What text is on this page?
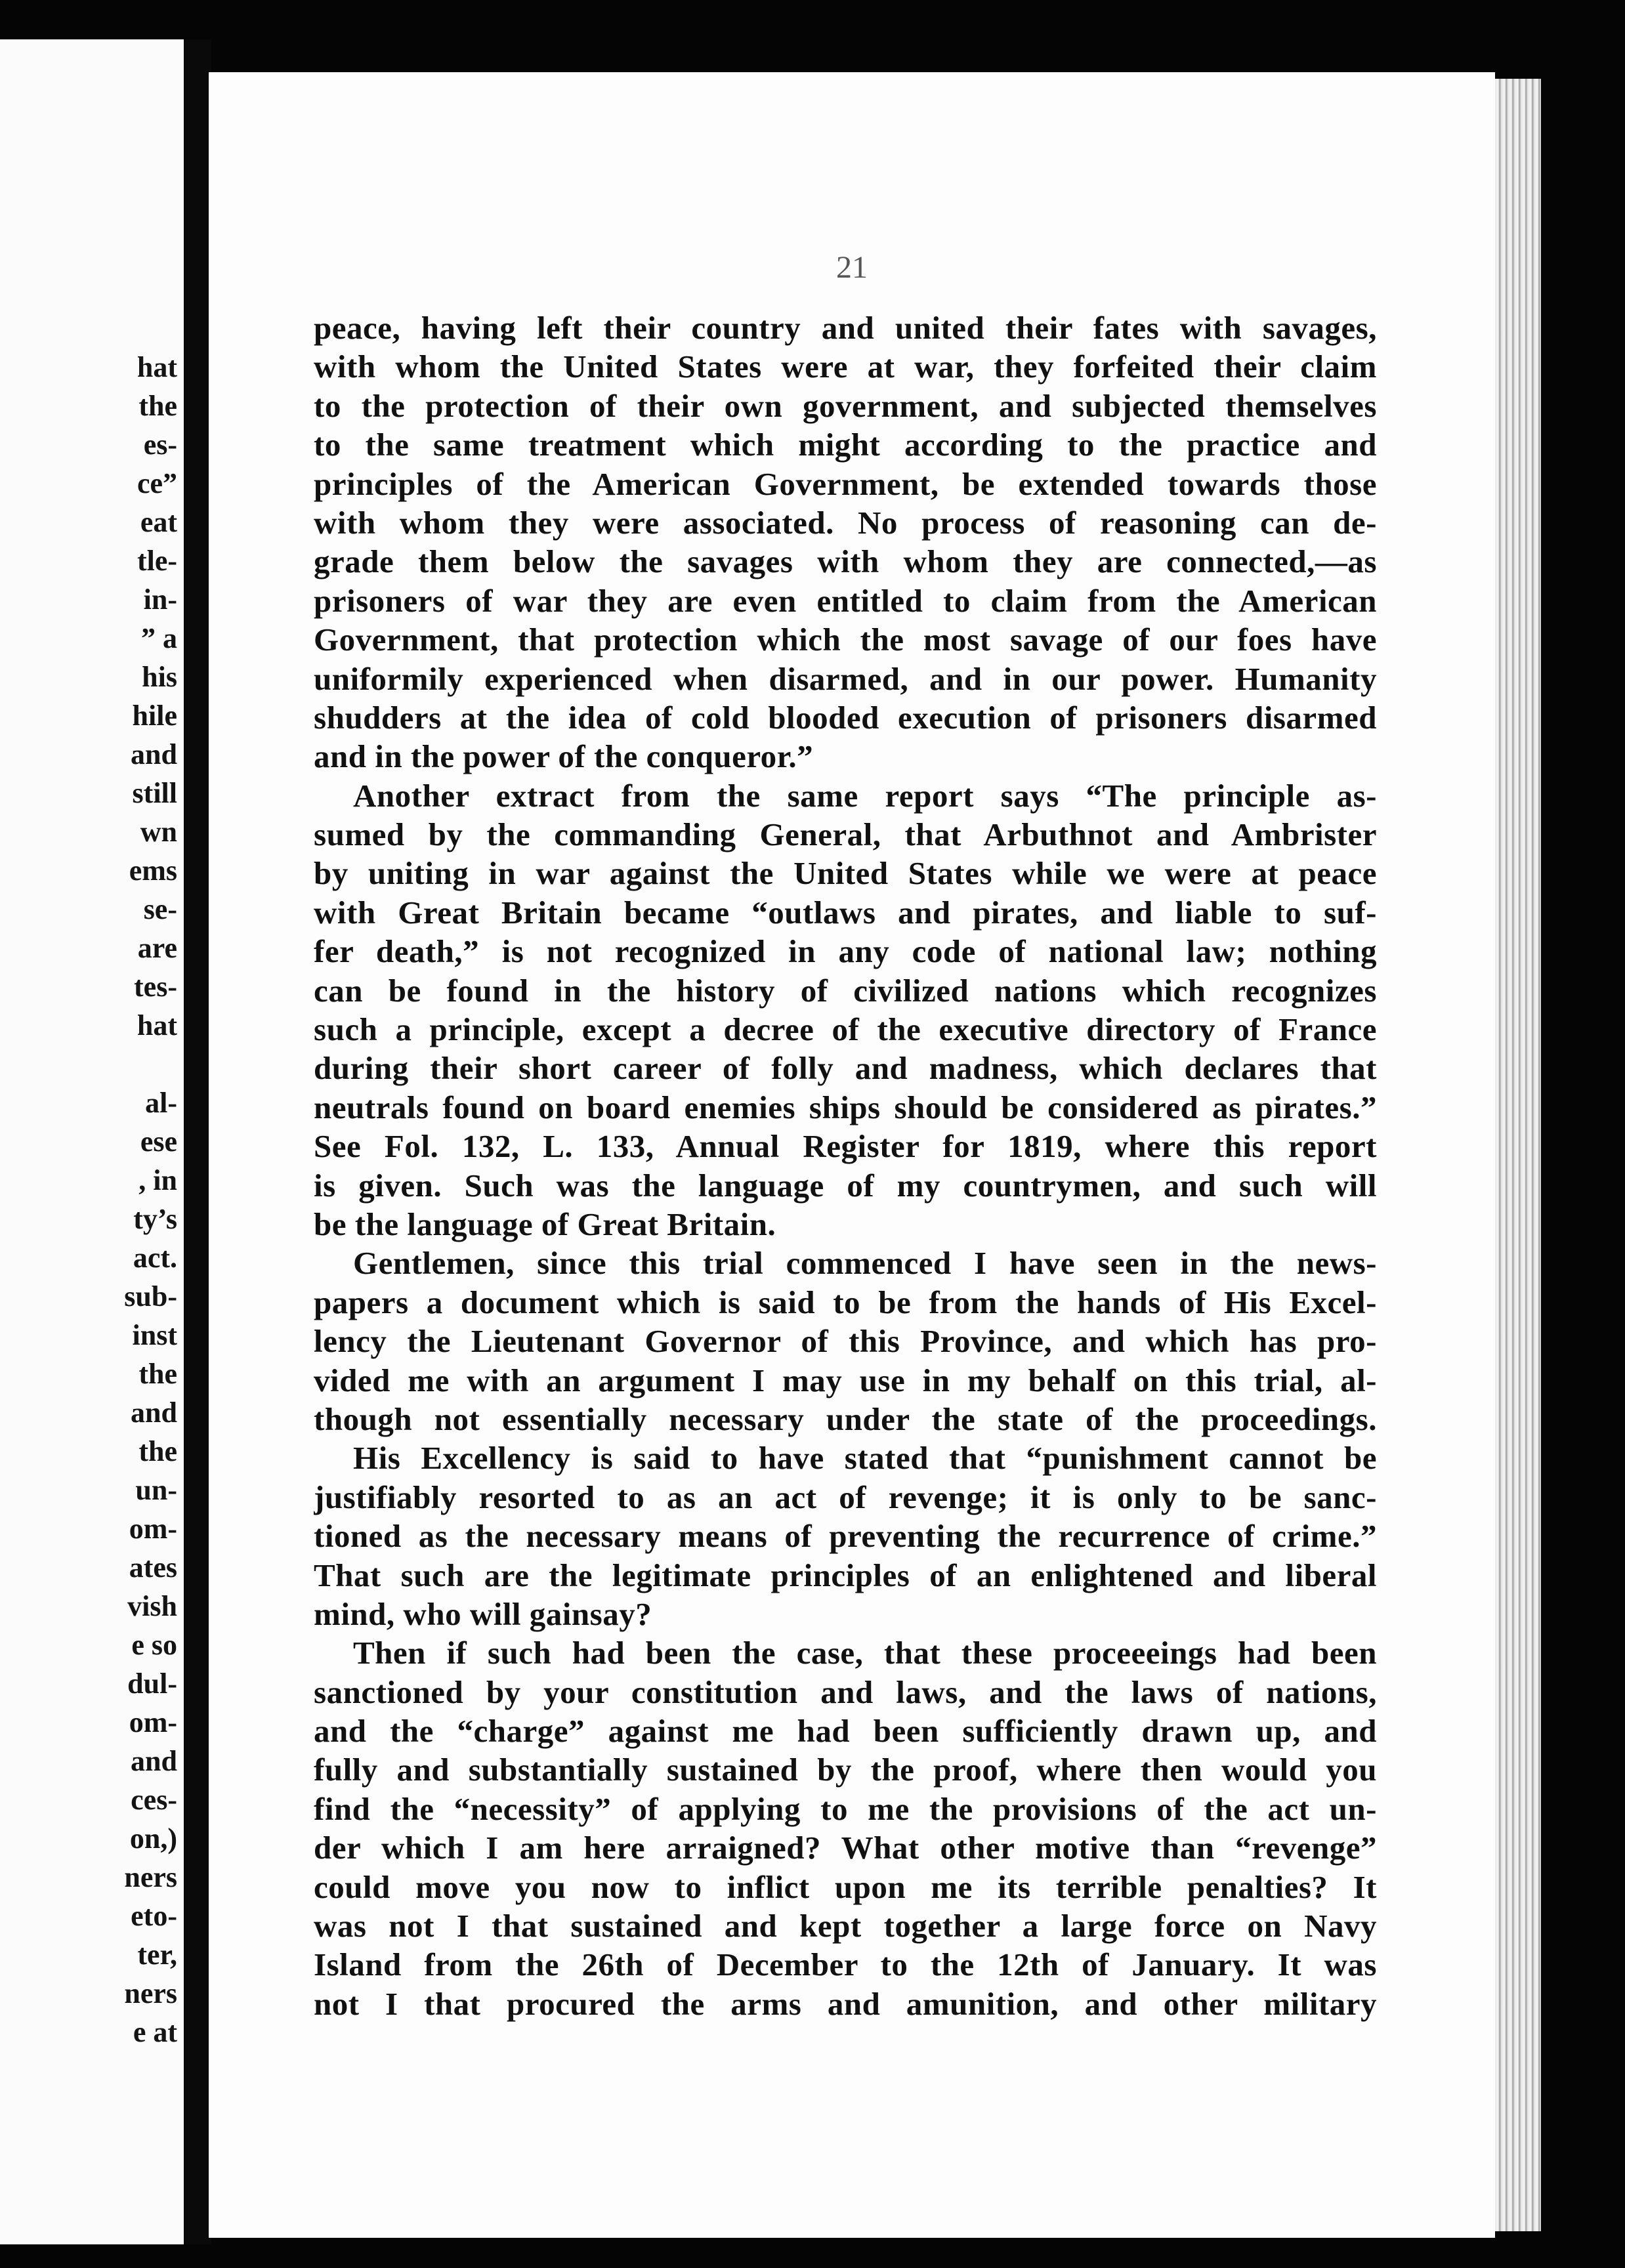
hat
the
es-
ce”
eat
tle-
in-
” a
his
hile
and
still
wn
ems
se-
are
tes-
hat
al-
ese
, in
ty’s
act.
sub-
inst
the
and
the
un-
om-
ates
vish
e so
dul-
om-
and
ces-
on,)
ners
eto-
ter,
ners
e at
21
peace, having left their country and united their fates with savages,
with whom the United States were at war, they forfeited their claim
to the protection of their own government, and subjected themselves
to the same treatment which might according to the practice and
principles of the American Government, be extended towards those
with whom they were associated. No process of reasoning can de-
grade them below the savages with whom they are connected,—as
prisoners of war they are even entitled to claim from the American
Government, that protection which the most savage of our foes have
uniformily experienced when disarmed, and in our power. Humanity
shudders at the idea of cold blooded execution of prisoners disarmed
and in the power of the conqueror.”
Another extract from the same report says “The principle as-
sumed by the commanding General, that Arbuthnot and Ambrister
by uniting in war against the United States while we were at peace
with Great Britain became “outlaws and pirates, and liable to suf-
fer death,” is not recognized in any code of national law; nothing
can be found in the history of civilized nations which recognizes
such a principle, except a decree of the executive directory of France
during their short career of folly and madness, which declares that
neutrals found on board enemies ships should be considered as pirates.”
See Fol. 132, L. 133, Annual Register for 1819, where this report
is given. Such was the language of my countrymen, and such will
be the language of Great Britain.
Gentlemen, since this trial commenced I have seen in the news-
papers a document which is said to be from the hands of His Excel-
lency the Lieutenant Governor of this Province, and which has pro-
vided me with an argument I may use in my behalf on this trial, al-
though not essentially necessary under the state of the proceedings.
His Excellency is said to have stated that “punishment cannot be
justifiably resorted to as an act of revenge; it is only to be sanc-
tioned as the necessary means of preventing the recurrence of crime.”
That such are the legitimate principles of an enlightened and liberal
mind, who will gainsay?
Then if such had been the case, that these proceeeings had been
sanctioned by your constitution and laws, and the laws of nations,
and the “charge” against me had been sufficiently drawn up, and
fully and substantially sustained by the proof, where then would you
find the “necessity” of applying to me the provisions of the act un-
der which I am here arraigned? What other motive than “revenge”
could move you now to inflict upon me its terrible penalties? It
was not I that sustained and kept together a large force on Navy
Island from the 26th of December to the 12th of January. It was
not I that procured the arms and amunition, and other military
